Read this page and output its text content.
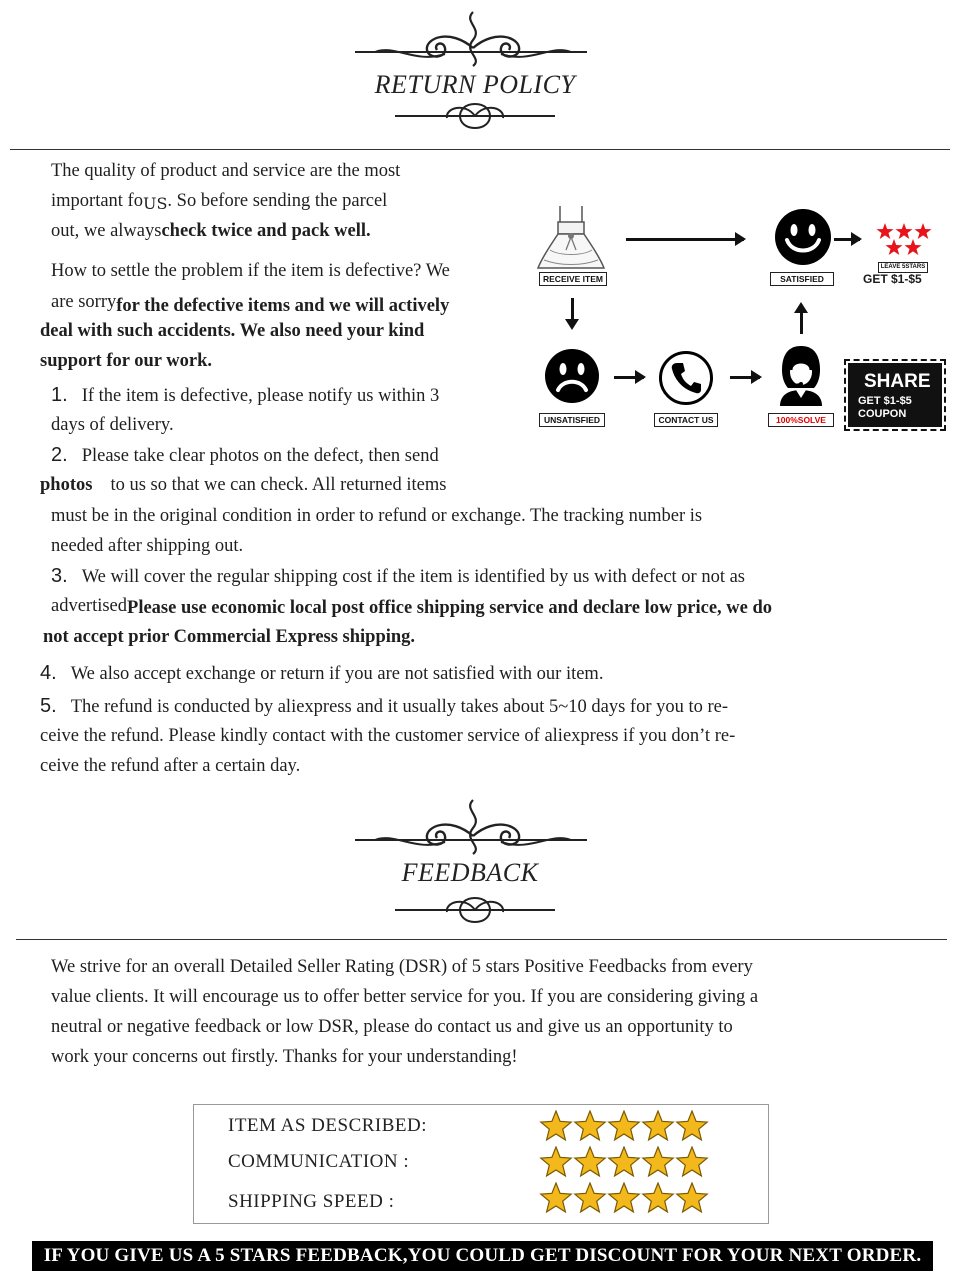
RETURN POLICY
The quality of product and service are the most
important foUS. So before sending the parcel
out, we alwayscheck twice and pack well.
How to settle the problem if the item is defective? We
are sorryfor the defective items and we will actively
deal with such accidents. We also need your kind
support for our work.
1. If the item is defective, please notify us within 3
days of delivery.
2. Please take clear photos on the defect, then send
photos to us so that we can check. All returned items
must be in the original condition in order to refund or exchange. The tracking number is
needed after shipping out.
3. We will cover the regular shipping cost if the item is identified by us with defect or not as
advertisedPlease use economic local post office shipping service and declare low price, we do
not accept prior Commercial Express shipping.
4. We also accept exchange or return if you are not satisfied with our item.
5. The refund is conducted by aliexpress and it usually takes about 5~10 days for you to re-
ceive the refund. Please kindly contact with the customer service of aliexpress if you don’t re-
ceive the refund after a certain day.
RECEIVE ITEM	SATISFIED
LEAVE 5STARS
GET $1-$5
UNSATISFIED	CONTACT US	100%SOLVE
SHARE
GET $1-$5
COUPON
FEEDBACK
We strive for an overall Detailed Seller Rating (DSR) of 5 stars Positive Feedbacks from every
value clients. It will encourage us to offer better service for you. If you are considering giving a
neutral or negative feedback or low DSR, please do contact us and give us an opportunity to
work your concerns out firstly. Thanks for your understanding!
ITEM AS DESCRIBED:
COMMUNICATION :
SHIPPING SPEED :
IF YOU GIVE US A 5 STARS FEEDBACK,YOU COULD GET DISCOUNT FOR YOUR NEXT ORDER.
